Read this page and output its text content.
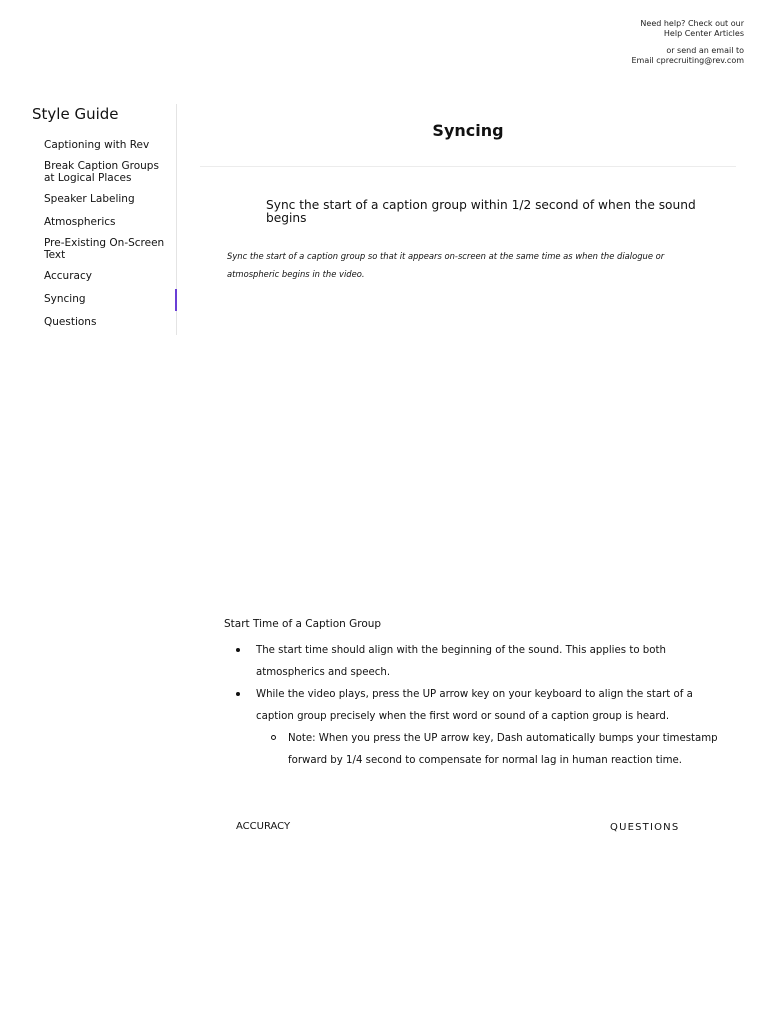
Need help? Check out our
Help Center Articles
or send an email to
Email cprecruiting@rev.com
Style Guide
Captioning with Rev
Break Caption Groups at Logical Places
Speaker Labeling
Atmospherics
Pre-Existing On-Screen Text
Accuracy
Syncing
Questions
Syncing
Sync the start of a caption group within 1/2 second of when the sound begins
Sync the start of a caption group so that it appears on-screen at the same time as when the dialogue or atmospheric begins in the video.
Start Time of a Caption Group
The start time should align with the beginning of the sound. This applies to both atmospherics and speech.
While the video plays, press the UP arrow key on your keyboard to align the start of a caption group precisely when the first word or sound of a caption group is heard.
Note: When you press the UP arrow key, Dash automatically bumps your timestamp forward by 1/4 second to compensate for normal lag in human reaction time.
ACCURACY	QUESTIONS
